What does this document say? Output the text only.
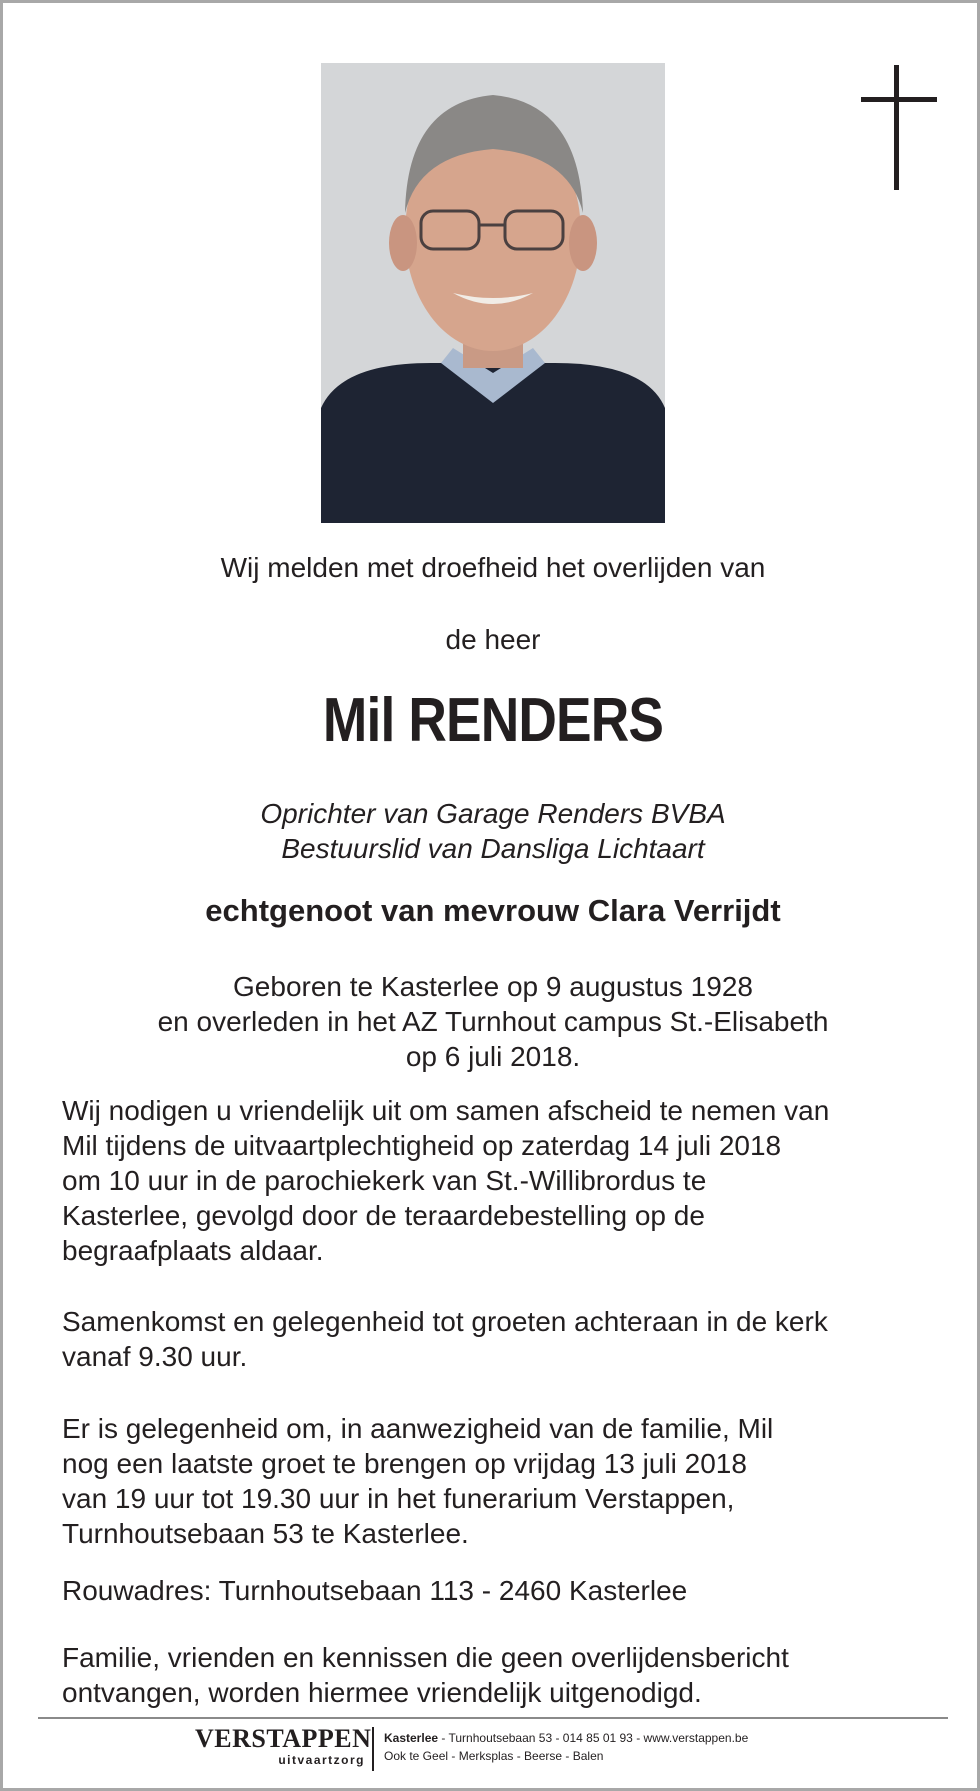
Wij melden met droefheid het overlijden van
de heer
Mil RENDERS
Oprichter van Garage Renders BVBA
Bestuurslid van Dansliga Lichtaart
echtgenoot van mevrouw Clara Verrijdt
Geboren te Kasterlee op 9 augustus 1928
en overleden in het AZ Turnhout campus St.-Elisabeth
op 6 juli 2018.
Wij nodigen u vriendelijk uit om samen afscheid te nemen van
Mil tijdens de uitvaartplechtigheid op zaterdag 14 juli 2018
om 10 uur in de parochiekerk van St.-Willibrordus te
Kasterlee, gevolgd door de teraardebestelling op de
begraafplaats aldaar.
Samenkomst en gelegenheid tot groeten achteraan in de kerk
vanaf 9.30 uur.
Er is gelegenheid om, in aanwezigheid van de familie, Mil
nog een laatste groet te brengen op vrijdag 13 juli 2018
van 19 uur tot 19.30 uur in het funerarium Verstappen,
Turnhoutsebaan 53 te Kasterlee.
Rouwadres: Turnhoutsebaan 113 - 2460 Kasterlee
Familie, vrienden en kennissen die geen overlijdensbericht
ontvangen, worden hiermee vriendelijk uitgenodigd.
VERSTAPPEN
uitvaartzorg
Kasterlee - Turnhoutsebaan 53 - 014 85 01 93 - www.verstappen.be
Ook te Geel - Merksplas - Beerse - Balen
